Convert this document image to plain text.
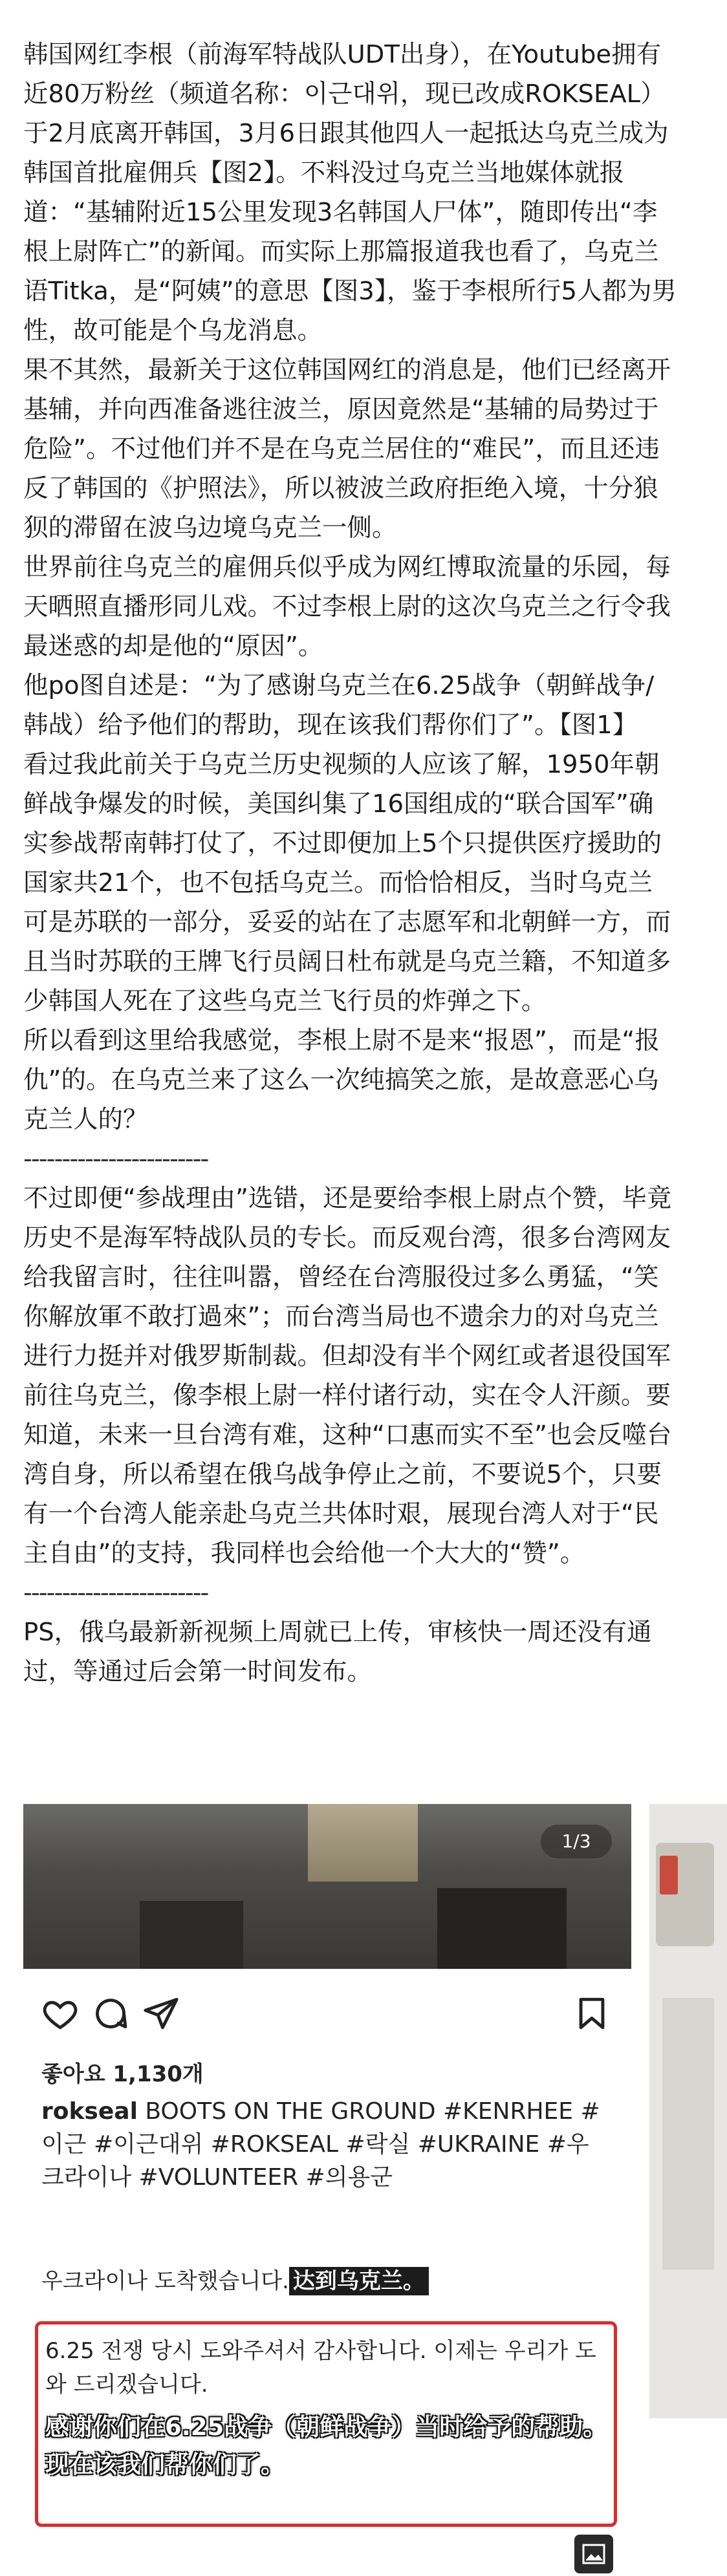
韩国网红李根（前海军特战队UDT出身），在Youtube拥有近80万粉丝（频道名称：이근대위，现已改成ROKSEAL）

于2月底离开韩国，3月6日跟其他四人一起抵达乌克兰成为韩国首批雇佣兵【图2】。不料没过乌克兰当地媒体就报道：“基辅附近15公里发现3名韩国人尸体”，随即传出“李根上尉阵亡”的新闻。而实际上那篇报道我也看了，乌克兰语Titka，是“阿姨”的意思【图3】，鉴于李根所行5人都为男性，故可能是个乌龙消息。

果不其然，最新关于这位韩国网红的消息是，他们已经离开基辅，并向西准备逃往波兰，原因竟然是“基辅的局势过于危险”。不过他们并不是在乌克兰居住的“难民”，而且还违反了韩国的《护照法》，所以被波兰政府拒绝入境，十分狼狈的滞留在波乌边境乌克兰一侧。

世界前往乌克兰的雇佣兵似乎成为网红博取流量的乐园，每天晒照直播形同儿戏。不过李根上尉的这次乌克兰之行令我最迷惑的却是他的“原因”。

他po图自述是：“为了感谢乌克兰在6.25战争（朝鲜战争/韩战）给予他们的帮助，现在该我们帮你们了”。【图1】

看过我此前关于乌克兰历史视频的人应该了解，1950年朝鲜战争爆发的时候，美国纠集了16国组成的“联合国军”确实参战帮南韩打仗了，不过即便加上5个只提供医疗援助的国家共21个，也不包括乌克兰。而恰恰相反，当时乌克兰可是苏联的一部分，妥妥的站在了志愿军和北朝鲜一方，而且当时苏联的王牌飞行员阔日杜布就是乌克兰籍，不知道多少韩国人死在了这些乌克兰飞行员的炸弹之下。

所以看到这里给我感觉，李根上尉不是来“报恩”，而是“报仇”的。在乌克兰来了这么一次纯搞笑之旅，是故意恶心乌克兰人的？

------------------------

不过即便“参战理由”选错，还是要给李根上尉点个赞，毕竟历史不是海军特战队员的专长。而反观台湾，很多台湾网友给我留言时，往往叫嚣，曾经在台湾服役过多么勇猛，“笑你解放軍不敢打過來”；而台湾当局也不遗余力的对乌克兰进行力挺并对俄罗斯制裁。但却没有半个网红或者退役国军前往乌克兰，像李根上尉一样付诸行动，实在令人汗颜。要知道，未来一旦台湾有难，这种“口惠而实不至”也会反噬台湾自身，所以希望在俄乌战争停止之前，不要说5个，只要有一个台湾人能亲赴乌克兰共体时艰，展现台湾人对于“民主自由”的支持，我同样也会给他一个大大的“赞”。

------------------------

PS，俄乌最新新视频上周就已上传，审核快一周还没有通过，等通过后会第一时间发布。

1/3
좋아요 1,130개
rokseal BOOTS ON THE GROUND #KENRHEE #이근 #이근대위 #ROKSEAL #락실 #UKRAINE #우크라이나 #VOLUNTEER #의용군
우크라이나 도착했습니다. 达到乌克兰。
6.25 전쟁 당시 도와주셔서 감사합니다. 이제는 우리가 도와 드리겠습니다.
感谢你们在6.25战争（朝鲜战争）当时给予的帮助。现在该我们帮你们了。
